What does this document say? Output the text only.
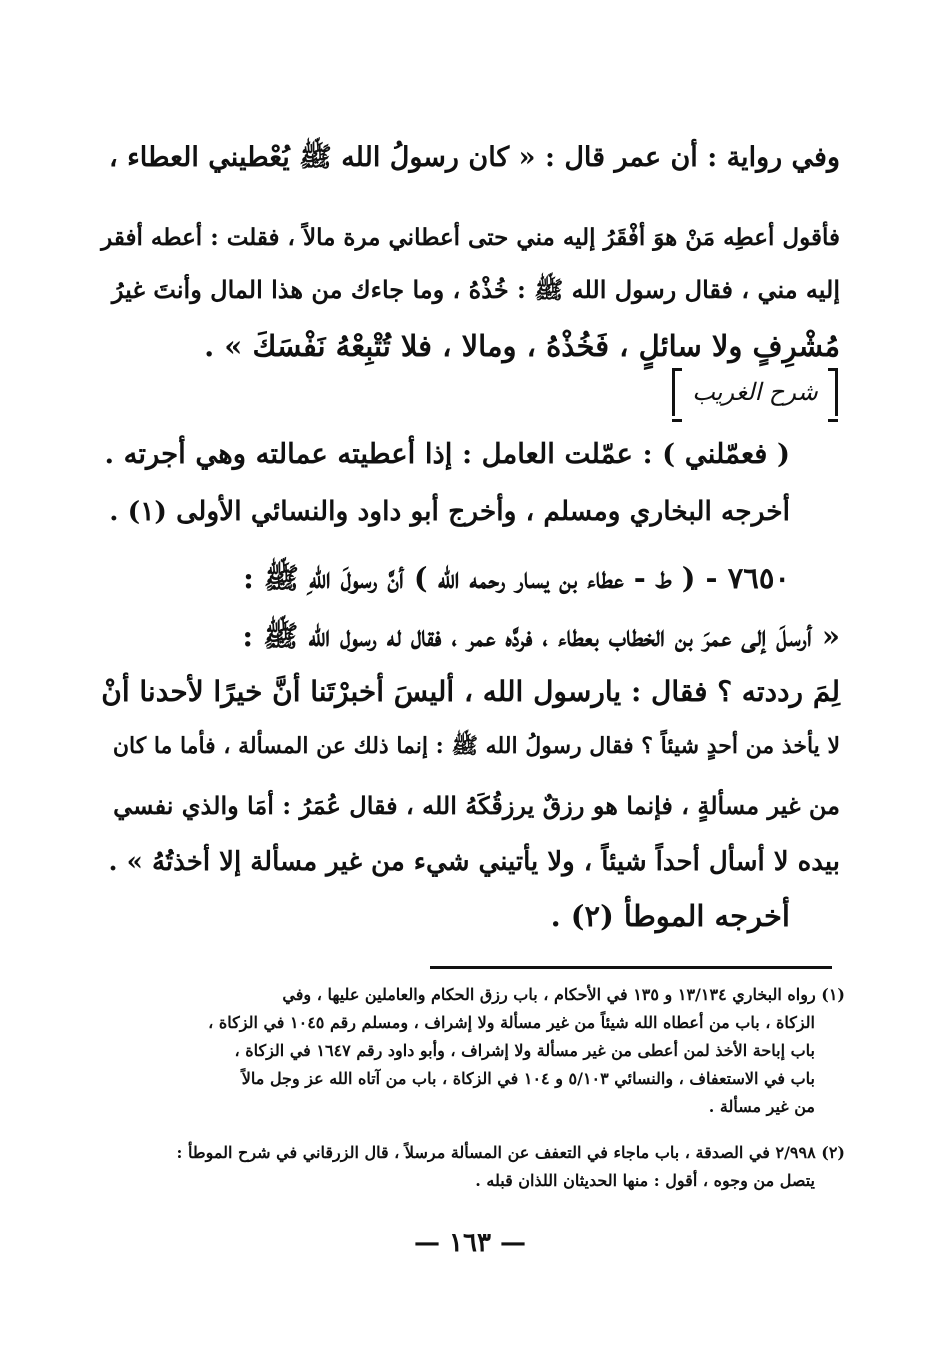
وفي رواية : أن عمر قال : « كان رسولُ الله ﷺ يُعْطيني العطاء ،
فأقول أعطِه مَنْ هوَ أفْقَرُ إليه مني حتى أعطاني مرة مالاً ، فقلت : أعطه أفقر
إليه مني ، فقال رسول الله ﷺ : خُذْهُ ، وما جاءك من هذا المال وأنتَ غيرُ
مُشْرِفٍ ولا سائلٍ ، فَخُذْهُ ، ومالا ، فلا تُتْبِعْهُ نَفْسَكَ » .
شرح الغريب
( فعمّلني ) : عمّلت العامل : إذا أعطيته عمالته وهي أجرته .
أخرجه البخاري ومسلم ، وأخرج أبو داود والنسائي الأولى (١) .
٧٦٥٠ - ( ط - عطاء بن يسار رحمه الله ) أنَّ رسولَ اللهِ ﷺ :
« أرسلَ إلى عمرَ بن الخطاب بعطاء ، فردَّه عمر ، فقال له رسول الله ﷺ :
لِمَ رددته ؟ فقال : يارسول الله ، أليسَ أخبرْتَنا أنَّ خيرًا لأحدنا أنْ
لا يأخذ من أحدٍ شيئاً ؟ فقال رسولُ الله ﷺ : إنما ذلك عن المسألة ، فأما ما كان
من غير مسألةٍ ، فإنما هو رزقٌ يرزقُكَهُ الله ، فقال عُمَرُ : أمَا والذي نفسي
بيده لا أسأل أحداً شيئاً ، ولا يأتيني شيء من غير مسألة إلا أخذتُهُ » .
أخرجه الموطأ (٢) .
(١) رواه البخاري ١٣/١٣٤ و ١٣٥ في الأحكام ، باب رزق الحكام والعاملين عليها ، وفي
الزكاة ، باب من أعطاه الله شيئاً من غير مسألة ولا إشراف ، ومسلم رقم ١٠٤٥ في الزكاة ،
باب إباحة الأخذ لمن أعطى من غير مسألة ولا إشراف ، وأبو داود رقم ١٦٤٧ في الزكاة ،
باب في الاستعفاف ، والنسائي ٥/١٠٣ و ١٠٤ في الزكاة ، باب من آتاه الله عز وجل مالاً
من غير مسألة .
(٢) ٢/٩٩٨ في الصدقة ، باب ماجاء في التعفف عن المسألة مرسلاً ، قال الزرقاني في شرح الموطأ :
يتصل من وجوه ، أقول : منها الحديثان اللذان قبله .
— ١٦٣ —
